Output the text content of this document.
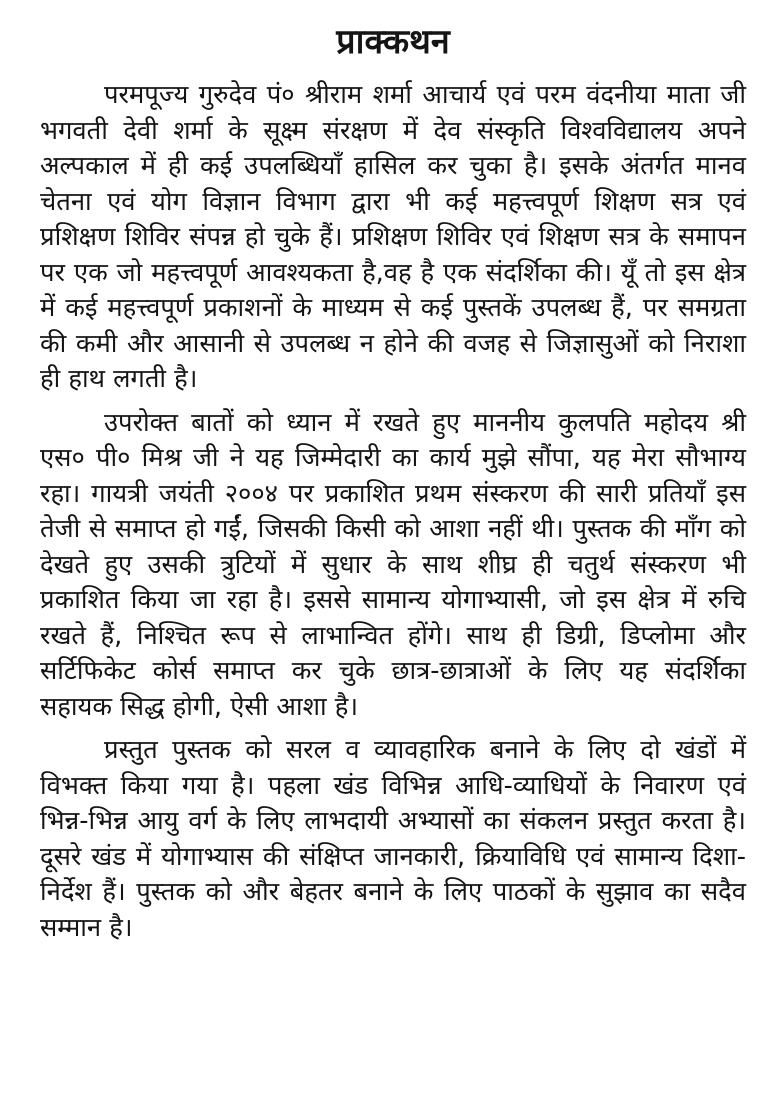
प्राक्कथन

परमपूज्य गुरुदेव पं० श्रीराम शर्मा आचार्य एवं परम वंदनीया माता जी भगवती देवी शर्मा के सूक्ष्म संरक्षण में देव संस्कृति विश्वविद्यालय अपने अल्पकाल में ही कई उपलब्धियाँ हासिल कर चुका है। इसके अंतर्गत मानव चेतना एवं योग विज्ञान विभाग द्वारा भी कई महत्त्वपूर्ण शिक्षण सत्र एवं प्रशिक्षण शिविर संपन्न हो चुके हैं। प्रशिक्षण शिविर एवं शिक्षण सत्र के समापन पर एक जो महत्त्वपूर्ण आवश्यकता है,वह है एक संदर्शिका की। यूँ तो इस क्षेत्र में कई महत्त्वपूर्ण प्रकाशनों के माध्यम से कई पुस्तकें उपलब्ध हैं, पर समग्रता की कमी और आसानी से उपलब्ध न होने की वजह से जिज्ञासुओं को निराशा ही हाथ लगती है।

उपरोक्त बातों को ध्यान में रखते हुए माननीय कुलपति महोदय श्री एस० पी० मिश्र जी ने यह जिम्मेदारी का कार्य मुझे सौंपा, यह मेरा सौभाग्य रहा। गायत्री जयंती २००४ पर प्रकाशित प्रथम संस्करण की सारी प्रतियाँ इस तेजी से समाप्त हो गईं, जिसकी किसी को आशा नहीं थी। पुस्तक की माँग को देखते हुए उसकी त्रुटियों में सुधार के साथ शीघ्र ही चतुर्थ संस्करण भी प्रकाशित किया जा रहा है। इससे सामान्य योगाभ्यासी, जो इस क्षेत्र में रुचि रखते हैं, निश्चित रूप से लाभान्वित होंगे। साथ ही डिग्री, डिप्लोमा और सर्टिफिकेट कोर्स समाप्त कर चुके छात्र-छात्राओं के लिए यह संदर्शिका सहायक सिद्ध होगी, ऐसी आशा है।

प्रस्तुत पुस्तक को सरल व व्यावहारिक बनाने के लिए दो खंडों में विभक्त किया गया है। पहला खंड विभिन्न आधि-व्याधियों के निवारण एवं भिन्न-भिन्न आयु वर्ग के लिए लाभदायी अभ्यासों का संकलन प्रस्तुत करता है। दूसरे खंड में योगाभ्यास की संक्षिप्त जानकारी, क्रियाविधि एवं सामान्य दिशा-निर्देश हैं। पुस्तक को और बेहतर बनाने के लिए पाठकों के सुझाव का सदैव सम्मान है।
